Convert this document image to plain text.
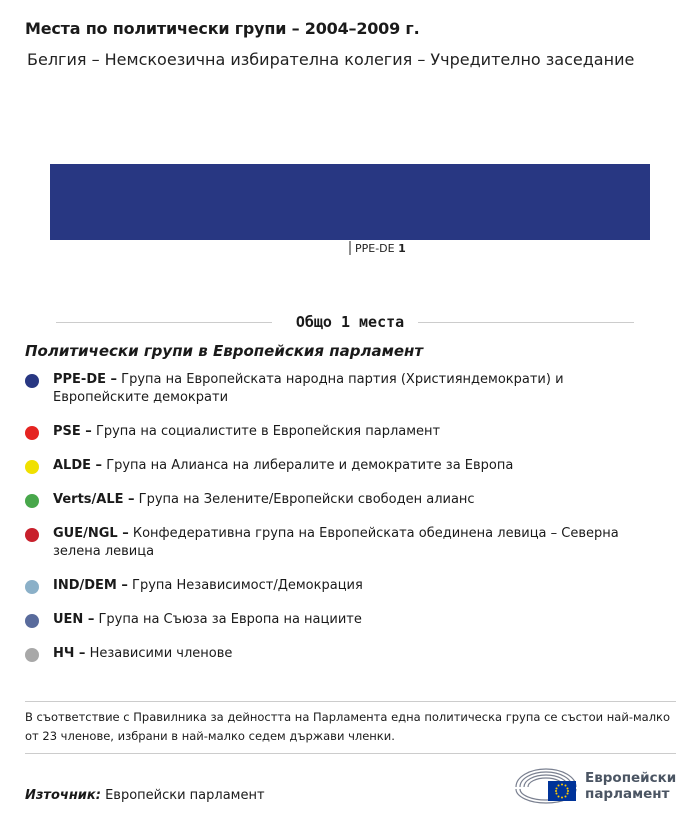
Места по политически групи – 2004–2009 г.
Белгия – Немскоезична избирателна колегия – Учредително заседание
PPE-DE 1
Общо 1 места
Политически групи в Европейския парламент
PPE-DE – Група на Европейската народна партия (Християндемократи) и Европейските демократи
PSE – Група на социалистите в Европейския парламент
ALDE – Група на Алианса на либералите и демократите за Европа
Verts/ALE – Група на Зелените/Европейски свободен алианс
GUE/NGL – Конфедеративна група на Европейската обединена левица – Северна зелена левица
IND/DEM – Група Независимост/Демокрация
UEN – Група на Съюза за Европа на нациите
НЧ – Независими членове
В съответствие с Правилника за дейността на Парламента една политическа група се състои най-малко от 23 членове, избрани в най-малко седем държави членки.
Източник: Европейски парламент
Европейски
парламент
